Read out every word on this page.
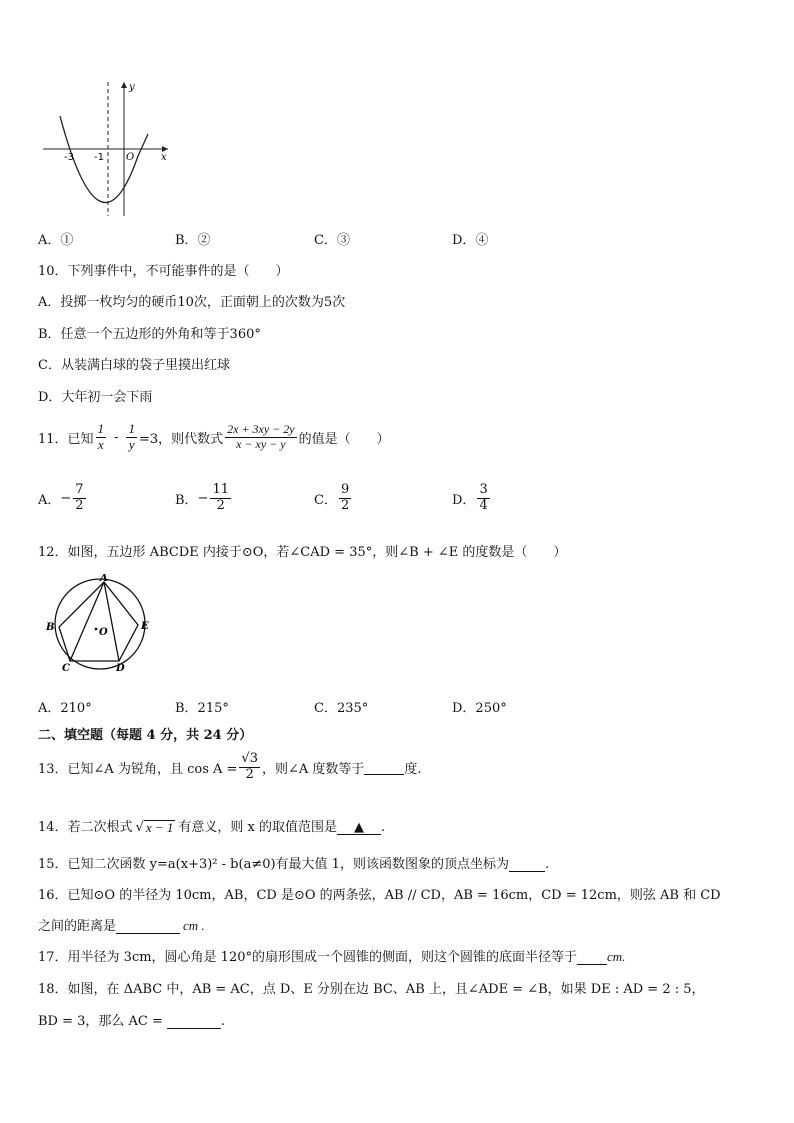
-3 -1 O	x
y
A．①	B．②	C．③	D．④
10．下列事件中，不可能事件的是（　　）
A．投掷一枚均匀的硬币10次，正面朝上的次数为5次
B．任意一个五边形的外角和等于360°
C．从装满白球的袋子里摸出红球
D．大年初一会下雨
11．已知 $\frac{1}{x} - \frac{1}{y} =3$，则代数式 $\frac{2x + 3xy - 2y}{x - xy - y}$ 的值是（　　）
A． − $\frac{7}{2}$	B． − $\frac{11}{2}$	C． $\frac{9}{2}$	D． $\frac{3}{4}$
12．如图，五边形 ABCDE 内接于⊙O，若∠CAD = 35°，则∠B + ∠E 的度数是（　　）
A
B
C	D
E
O
A．210°	B．215°	C．235°	D．250°
二、填空题（每题 4 分，共 24 分）
13．已知∠A 为锐角，且 $\cos A = \frac{√3}{2}$ ，则∠A 度数等于	度.
14．若二次根式 √ x − 1 有意义，则 x 的取值范围是	▲	.
15．已知二次函数 y=a(x+3)² - b(a≠0)有最大值 1，则该函数图象的顶点坐标为	.
16．已知⊙O 的半径为 10cm，AB，CD 是⊙O 的两条弦，AB // CD，AB = 16cm，CD = 12cm，则弦 AB 和 CD
之间的距离是	cm .
17．用半径为 3cm，圆心角是 120°的扇形围成一个圆锥的侧面，则这个圆锥的底面半径等于 cm.
18．如图，在 ΔABC 中，AB = AC，点 D、E 分别在边 BC、AB 上，且∠ADE = ∠B，如果 DE : AD = 2 : 5，
BD = 3，那么 AC =	.
